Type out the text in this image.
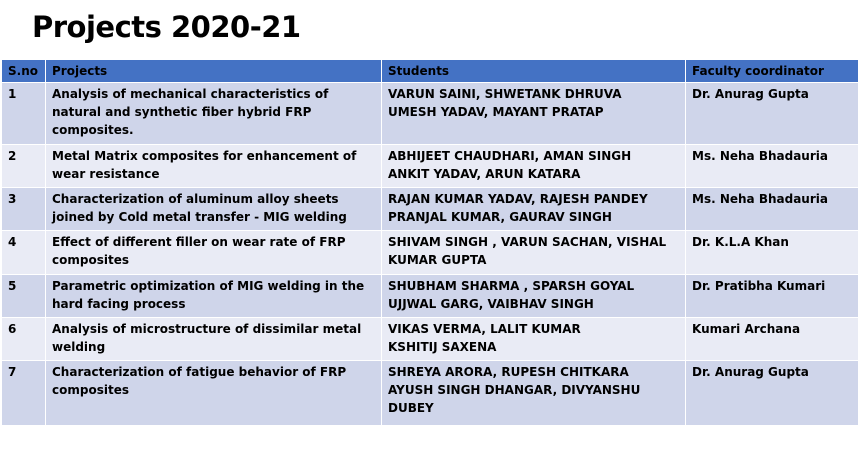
Projects 2020-21
S.no	Projects	Students	Faculty coordinator
1	Analysis of mechanical characteristics of
natural and synthetic fiber hybrid FRP
composites.	VARUN SAINI, SHWETANK DHRUVA
UMESH YADAV, MAYANT PRATAP	Dr. Anurag Gupta
2	Metal Matrix composites for enhancement of
wear resistance	ABHIJEET CHAUDHARI, AMAN SINGH
ANKIT YADAV, ARUN KATARA	Ms. Neha Bhadauria
3	Characterization of aluminum alloy sheets
joined by Cold metal transfer - MIG welding	RAJAN KUMAR YADAV, RAJESH PANDEY
PRANJAL KUMAR, GAURAV SINGH	Ms. Neha Bhadauria
4	Effect of different filler on wear rate of FRP
composites	SHIVAM SINGH , VARUN SACHAN, VISHAL
KUMAR GUPTA	Dr. K.L.A Khan
5	Parametric optimization of MIG welding in the
hard facing process	SHUBHAM SHARMA , SPARSH GOYAL
UJJWAL GARG, VAIBHAV SINGH	Dr. Pratibha Kumari
6	Analysis of microstructure of dissimilar metal
welding	VIKAS VERMA, LALIT KUMAR
KSHITIJ SAXENA	Kumari Archana
7	Characterization of fatigue behavior of FRP
composites	SHREYA ARORA, RUPESH CHITKARA
AYUSH SINGH DHANGAR, DIVYANSHU
DUBEY	Dr. Anurag Gupta
